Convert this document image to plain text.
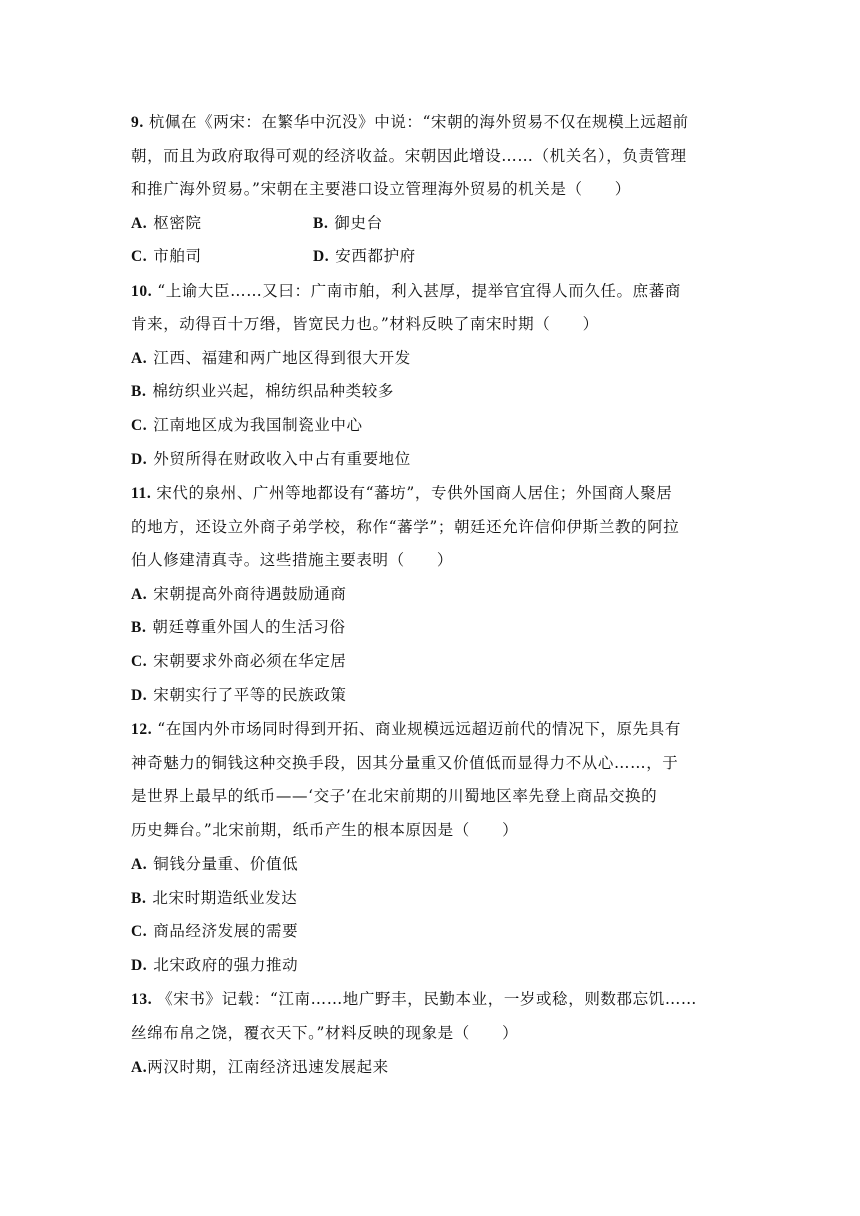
9. 杭佩在《两宋：在繁华中沉没》中说：“宋朝的海外贸易不仅在规模上远超前
朝，而且为政府取得可观的经济收益。宋朝因此增设……（机关名），负责管理
和推广海外贸易。”宋朝在主要港口设立管理海外贸易的机关是（　　）
A. 枢密院	B. 御史台
C. 市舶司	D. 安西都护府
10. “上谕大臣……又曰：广南市舶，利入甚厚，提举官宜得人而久任。庶蕃商
肯来，动得百十万缗，皆宽民力也。”材料反映了南宋时期（　　）
A. 江西、福建和两广地区得到很大开发
B. 棉纺织业兴起，棉纺织品种类较多
C. 江南地区成为我国制瓷业中心
D. 外贸所得在财政收入中占有重要地位
11. 宋代的泉州、广州等地都设有“蕃坊”，专供外国商人居住；外国商人聚居
的地方，还设立外商子弟学校，称作“蕃学”；朝廷还允许信仰伊斯兰教的阿拉
伯人修建清真寺。这些措施主要表明（　　）
A. 宋朝提高外商待遇鼓励通商
B. 朝廷尊重外国人的生活习俗
C. 宋朝要求外商必须在华定居
D. 宋朝实行了平等的民族政策
12. “在国内外市场同时得到开拓、商业规模远远超迈前代的情况下，原先具有
神奇魅力的铜钱这种交换手段，因其分量重又价值低而显得力不从心……，于
是世界上最早的纸币——‘交子’在北宋前期的川蜀地区率先登上商品交换的
历史舞台。”北宋前期，纸币产生的根本原因是（　　）
A. 铜钱分量重、价值低
B. 北宋时期造纸业发达
C. 商品经济发展的需要
D. 北宋政府的强力推动
13. 《宋书》记载：“江南……地广野丰，民勤本业，一岁或稔，则数郡忘饥……
丝绵布帛之饶，覆衣天下。”材料反映的现象是（　　）
A.两汉时期，江南经济迅速发展起来
